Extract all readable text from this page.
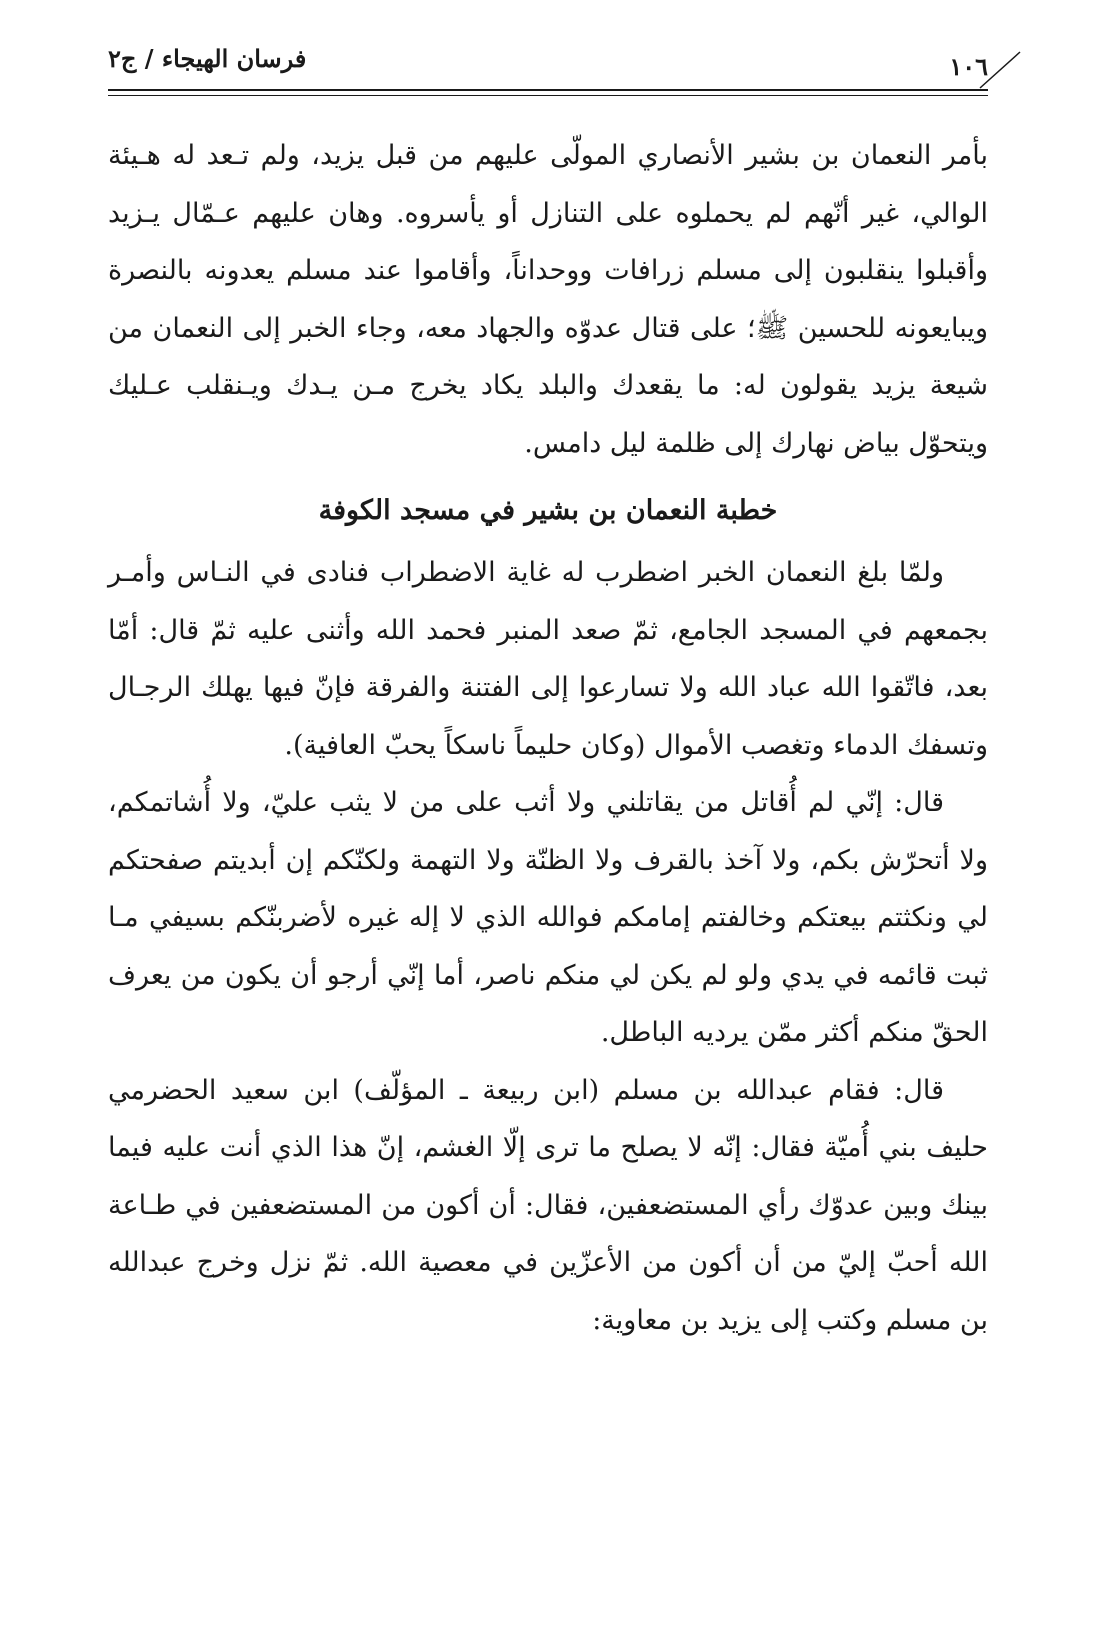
فرسان الهيجاء / ج٢	١٠٦

بأمر النعمان بن بشير الأنصاري المولّى عليهم من قبل يزيد، ولم تـعد له هـيئة الوالي، غير أنّهم لم يحملوه على التنازل أو يأسروه. وهان عليهم عـمّال يـزيد وأقبلوا ينقلبون إلى مسلم زرافات ووحداناً، وأقاموا عند مسلم يعدونه بالنصرة ويبايعونه للحسين ﷺ؛ على قتال عدوّه والجهاد معه، وجاء الخبر إلى النعمان من شيعة يزيد يقولون له: ما يقعدك والبلد يكاد يخرج مـن يـدك ويـنقلب عـليك ويتحوّل بياض نهارك إلى ظلمة ليل دامس.

خطبة النعمان بن بشير في مسجد الكوفة

ولمّا بلغ النعمان الخبر اضطرب له غاية الاضطراب فنادى في النـاس وأمـر بجمعهم في المسجد الجامع، ثمّ صعد المنبر فحمد الله وأثنى عليه ثمّ قال: أمّا بعد، فاتّقوا الله عباد الله ولا تسارعوا إلى الفتنة والفرقة فإنّ فيها يهلك الرجـال وتسفك الدماء وتغصب الأموال (وكان حليماً ناسكاً يحبّ العافية).

قال: إنّي لم أُقاتل من يقاتلني ولا أثب على من لا يثب عليّ، ولا أُشاتمكم، ولا أتحرّش بكم، ولا آخذ بالقرف ولا الظنّة ولا التهمة ولكنّكم إن أبديتم صفحتكم لي ونكثتم بيعتكم وخالفتم إمامكم فوالله الذي لا إله غيره لأضربنّكم بسيفي مـا ثبت قائمه في يدي ولو لم يكن لي منكم ناصر، أما إنّي أرجو أن يكون من يعرف الحقّ منكم أكثر ممّن يرديه الباطل.

قال: فقام عبدالله بن مسلم (ابن ربيعة ـ المؤلّف) ابن سعيد الحضرمي حليف بني أُميّة فقال: إنّه لا يصلح ما ترى إلّا الغشم، إنّ هذا الذي أنت عليه فيما بينك وبين عدوّك رأي المستضعفين، فقال: أن أكون من المستضعفين في طـاعة الله أحبّ إليّ من أن أكون من الأعزّين في معصية الله. ثمّ نزل وخرج عبدالله بن مسلم وكتب إلى يزيد بن معاوية:
